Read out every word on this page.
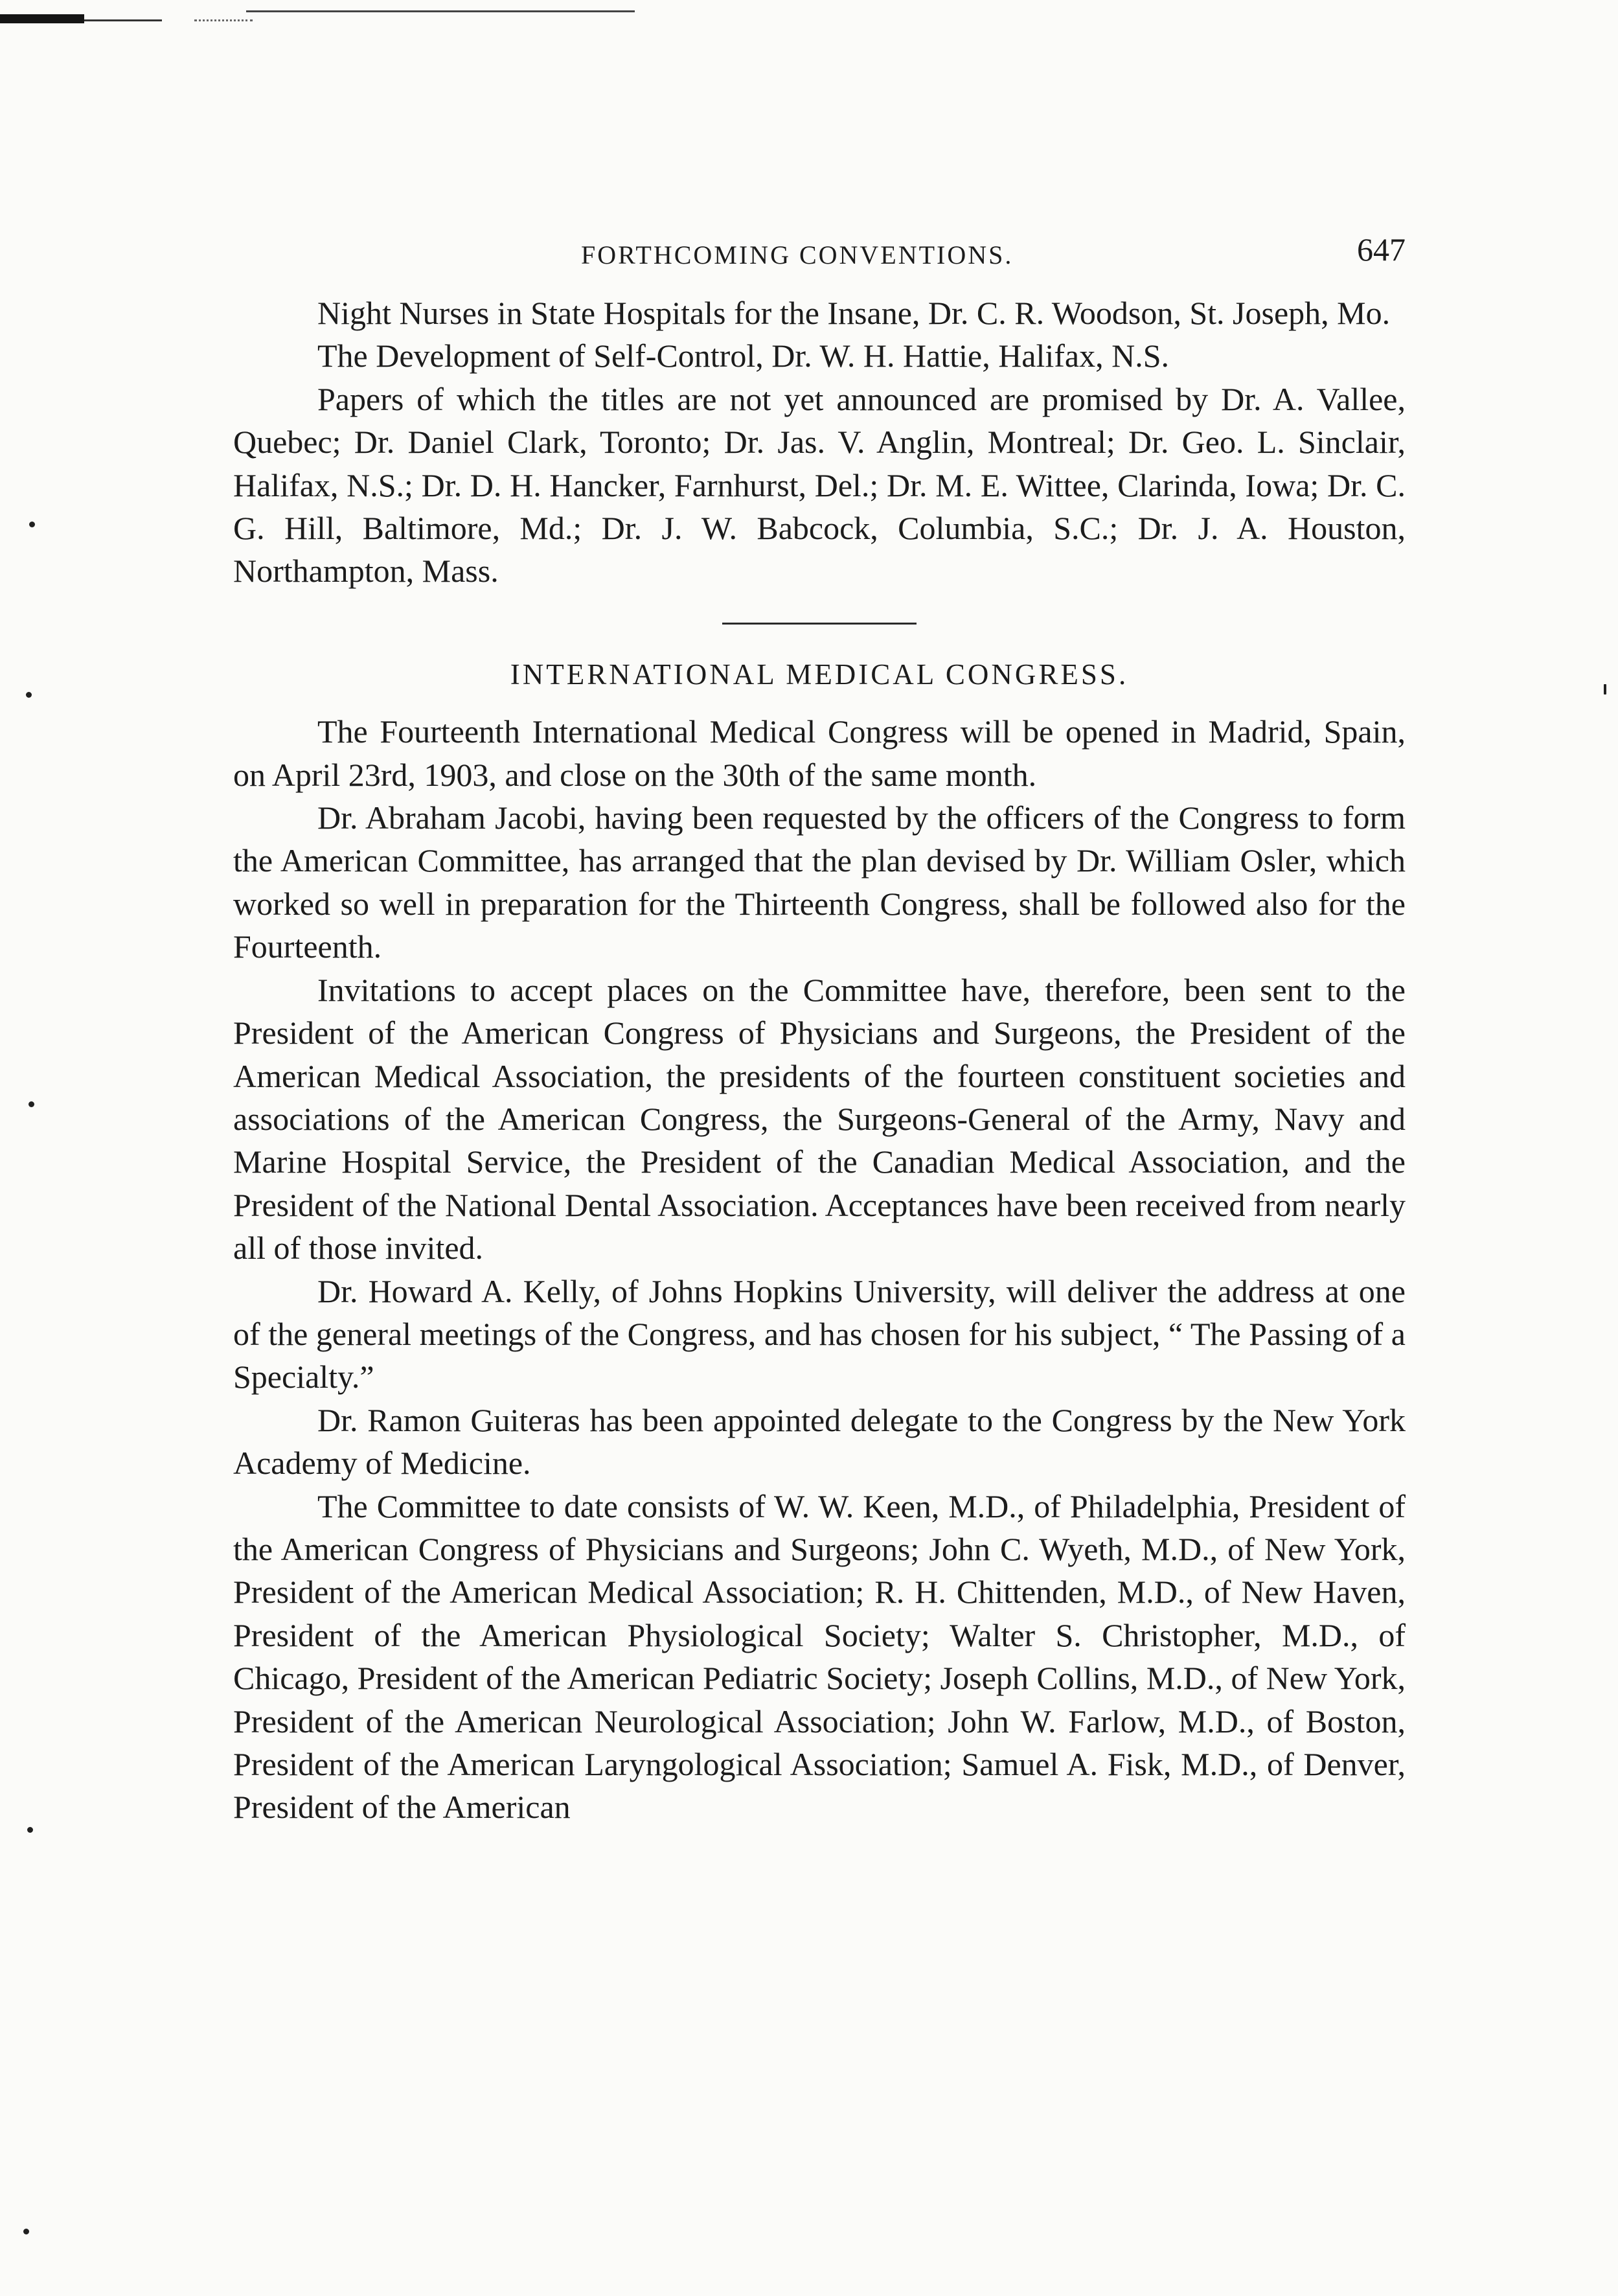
FORTHCOMING CONVENTIONS.	647

Night Nurses in State Hospitals for the Insane, Dr. C. R. Woodson, St. Joseph, Mo.

The Development of Self-Control, Dr. W. H. Hattie, Halifax, N.S.

Papers of which the titles are not yet announced are promised by Dr. A. Vallee, Quebec; Dr. Daniel Clark, Toronto; Dr. Jas. V. Anglin, Montreal; Dr. Geo. L. Sinclair, Halifax, N.S.; Dr. D. H. Hancker, Farnhurst, Del.; Dr. M. E. Wittee, Clarinda, Iowa; Dr. C. G. Hill, Baltimore, Md.; Dr. J. W. Babcock, Columbia, S.C.; Dr. J. A. Houston, Northampton, Mass.

INTERNATIONAL MEDICAL CONGRESS.

The Fourteenth International Medical Congress will be opened in Madrid, Spain, on April 23rd, 1903, and close on the 30th of the same month.

Dr. Abraham Jacobi, having been requested by the officers of the Congress to form the American Committee, has arranged that the plan devised by Dr. William Osler, which worked so well in preparation for the Thirteenth Congress, shall be followed also for the Fourteenth.

Invitations to accept places on the Committee have, therefore, been sent to the President of the American Congress of Physicians and Surgeons, the President of the American Medical Association, the presidents of the fourteen constituent societies and associations of the American Congress, the Surgeons-General of the Army, Navy and Marine Hospital Service, the President of the Canadian Medical Association, and the President of the National Dental Association. Acceptances have been received from nearly all of those invited.

Dr. Howard A. Kelly, of Johns Hopkins University, will deliver the address at one of the general meetings of the Congress, and has chosen for his subject, “ The Passing of a Specialty.”

Dr. Ramon Guiteras has been appointed delegate to the Congress by the New York Academy of Medicine.

The Committee to date consists of W. W. Keen, M.D., of Philadelphia, President of the American Congress of Physicians and Surgeons; John C. Wyeth, M.D., of New York, President of the American Medical Association; R. H. Chittenden, M.D., of New Haven, President of the American Physiological Society; Walter S. Christopher, M.D., of Chicago, President of the American Pediatric Society; Joseph Collins, M.D., of New York, President of the American Neurological Association; John W. Farlow, M.D., of Boston, President of the American Laryngological Association; Samuel A. Fisk, M.D., of Denver, President of the American
